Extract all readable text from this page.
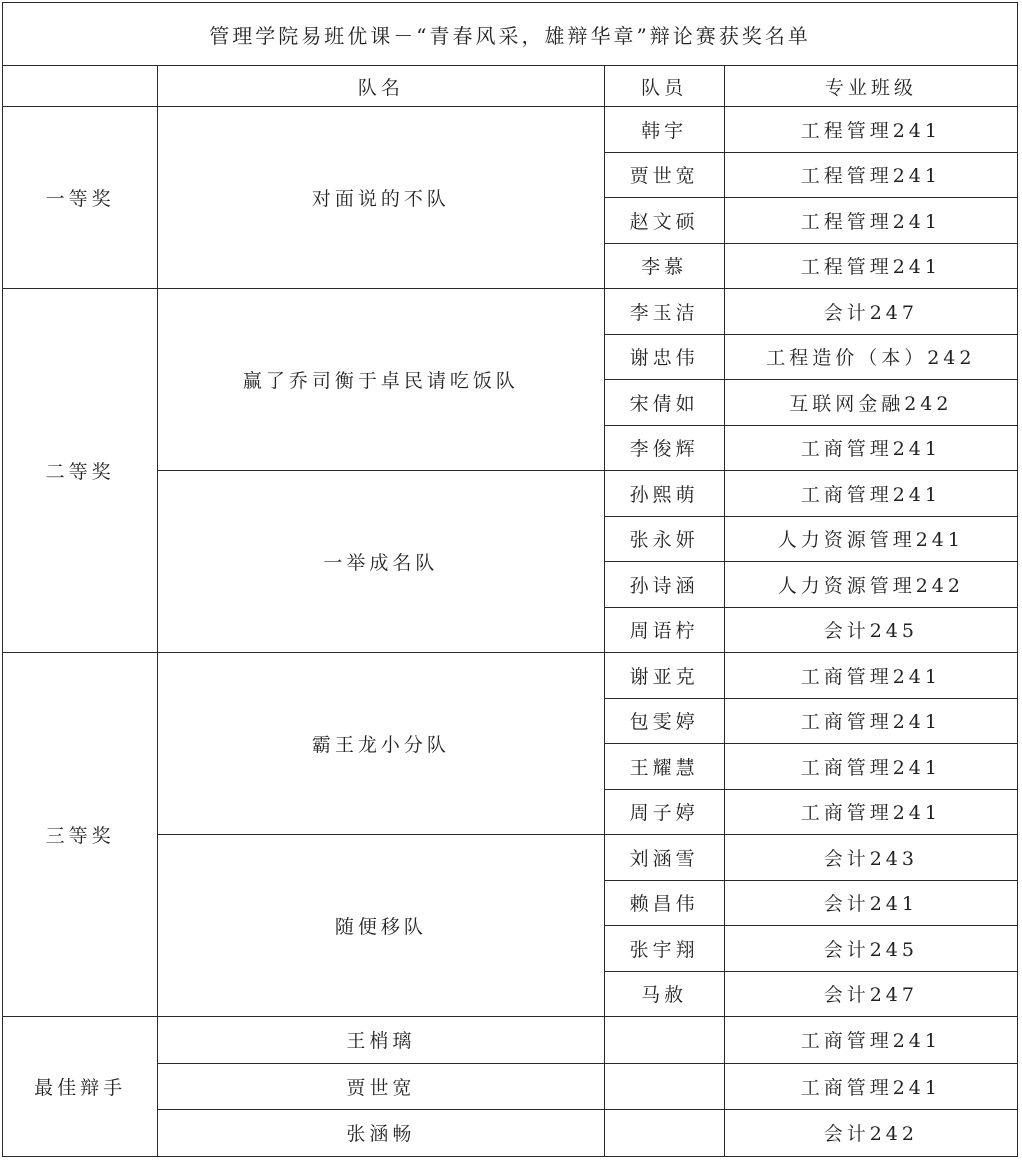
管理学院易班优课－“青春风采，雄辩华章”辩论赛获奖名单			
	队名	队员	专业班级
一等奖	对面说的不队	韩宇	工程管理241
		贾世宽	工程管理241
		赵文硕	工程管理241
		李慕	工程管理241
二等奖	赢了乔司衡于卓民请吃饭队	李玉洁	会计247
		谢忠伟	工程造价（本）242
		宋倩如	互联网金融242
		李俊辉	工商管理241
	一举成名队	孙熙萌	工商管理241
		张永妍	人力资源管理241
		孙诗涵	人力资源管理242
		周语柠	会计245
三等奖	霸王龙小分队	谢亚克	工商管理241
		包雯婷	工商管理241
		王耀慧	工商管理241
		周子婷	工商管理241
	随便移队	刘涵雪	会计243
		赖昌伟	会计241
		张宇翔	会计245
		马赦	会计247
最佳辩手	王梢璃		工商管理241
	贾世宽		工商管理241
	张涵畅		会计242
